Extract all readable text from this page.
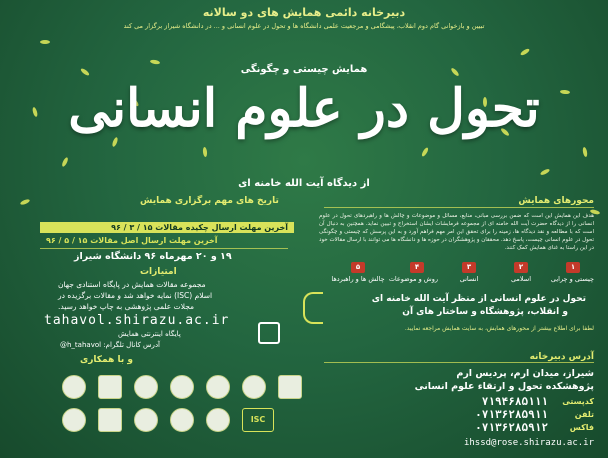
دبیرخانه دائمی همایش های دو سالانه
تبیین و بازخوانی گام دوم انقلاب، پیشگامی و مرجعیت علمی دانشگاه ها و تحول در علوم انسانی و ... در دانشگاه شیراز برگزار می کند
همایش چیستی و چگونگی
تحول در علوم انسانی
از دیدگاه آیت الله خامنه ای
محورهای همایش
هدف این همایش این است که ضمن بررسی مبانی، منابع، مسائل و موضوعات و چالش ها و راهبردهای تحول در علوم انسانی را از دیدگاه حضرت آیت الله خامنه ای از مجموعه فرمایشات ایشان استخراج و تبیین نماید. همچنین به دنبال آن است که با مطالعه و نقد دیدگاه ها، زمینه را برای تحقق این امر مهم فراهم آورد و به این پرسش که چیستی و چگونگی تحول در علوم انسانی چیست، پاسخ دهد. محققان و پژوهشگران در حوزه ها و دانشگاه ها می توانند با ارسال مقالات خود در این راستا به غنای همایش کمک کنند.
۱
چیستی و چرایی
۲
اسلامی
۳
انسانی
۴
روش و موضوعات
۵
چالش ها و راهبردها
تحول در علوم انسانی از منظر آیت الله خامنه ای
و انقلاب، پژوهشگاه و ساختار های آن
لطفا برای اطلاع بیشتر از محورهای همایش، به سایت همایش مراجعه نمایید.
تاریخ های مهم برگزاری همایش
آخرین مهلت ارسال چکیده مقالات ۱۵ / ۳ / ۹۶
آخرین مهلت ارسال اصل مقالات ۱۵ / ۵ / ۹۶
۱۹ و ۲۰ مهرماه ۹۶ دانشگاه شیراز
امتیازات
مجموعه مقالات همایش در پایگاه استنادی جهان
اسلام (ISC) نمایه خواهد شد و مقالات برگزیده در
مجلات علمی پژوهشی به چاپ خواهد رسید.
tahavol.shirazu.ac.ir
پایگاه اینترنتی همایش
آدرس کانال تلگرام: h_tahavol@
و با همکاری
ISC
آدرس دبیرخانه
شیراز، میدان ارم، پردیس ارم
پژوهشکده تحول و ارتقاء علوم انسانی
کدپستی
۷۱۹۴۶۸۵۱۱۱
تلفن
۰۷۱۳۶۲۸۵۹۱۱
فاکس
۰۷۱۳۶۲۸۵۹۱۲
ihssd@rose.shirazu.ac.ir
